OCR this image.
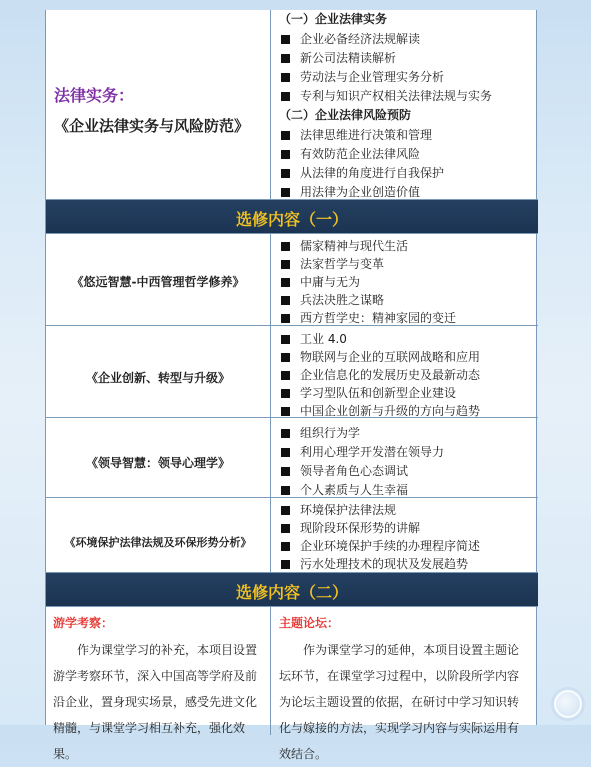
法律实务：
《企业法律实务与风险防范》
（一）企业法律实务
企业必备经济法规解读
新公司法精读解析
劳动法与企业管理实务分析
专利与知识产权相关法律法规与实务
（二）企业法律风险预防
法律思维进行决策和管理
有效防范企业法律风险
从法律的角度进行自我保护
用法律为企业创造价值
选修内容（一）
《悠远智慧-中西管理哲学修养》
儒家精神与现代生活
法家哲学与变革
中庸与无为
兵法决胜之谋略
西方哲学史：精神家园的变迁
《企业创新、转型与升级》
工业 4.0
物联网与企业的互联网战略和应用
企业信息化的发展历史及最新动态
学习型队伍和创新型企业建设
中国企业创新与升级的方向与趋势
《领导智慧：领导心理学》
组织行为学
利用心理学开发潜在领导力
领导者角色心态调试
个人素质与人生幸福
《环境保护法律法规及环保形势分析》
环境保护法律法规
现阶段环保形势的讲解
企业环境保护手续的办理程序简述
污水处理技术的现状及发展趋势
选修内容（二）
游学考察：

作为课堂学习的补充，本项目设置游学考察环节，深入中国高等学府及前沿企业，置身现实场景，感受先进文化精髓，与课堂学习相互补充，强化效果。

主题论坛：

作为课堂学习的延伸，本项目设置主题论坛环节，在课堂学习过程中，以阶段所学内容为论坛主题设置的依据，在研讨中学习知识转化与嫁接的方法，实现学习内容与实际运用有效结合。
